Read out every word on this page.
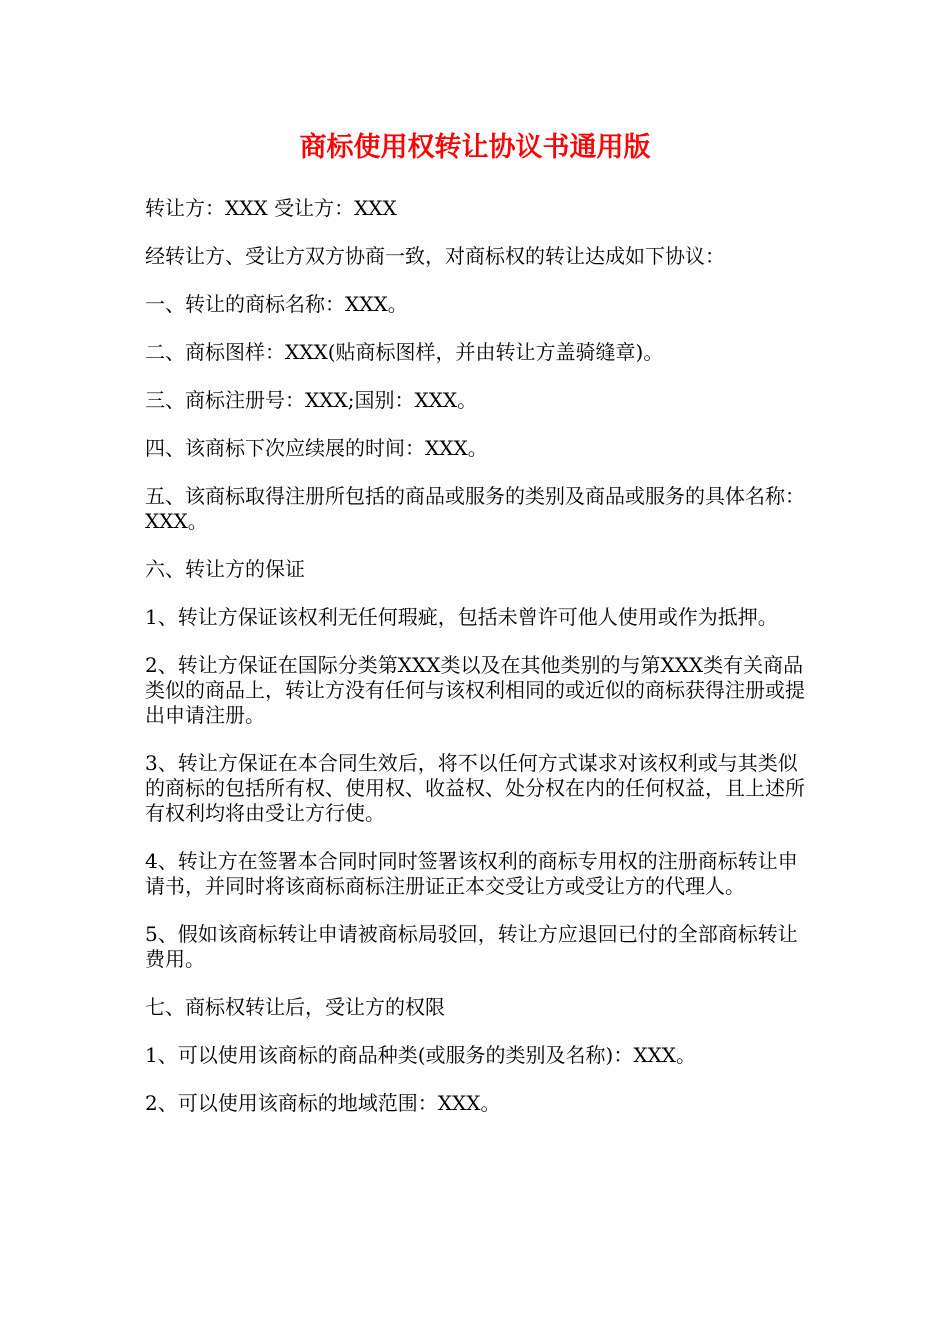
商标使用权转让协议书通用版

转让方：XXX 受让方：XXX

经转让方、受让方双方协商一致，对商标权的转让达成如下协议：

一、转让的商标名称：XXX。

二、商标图样：XXX(贴商标图样，并由转让方盖骑缝章)。

三、商标注册号：XXX;国别：XXX。

四、该商标下次应续展的时间：XXX。

五、该商标取得注册所包括的商品或服务的类别及商品或服务的具体名称：XXX。

六、转让方的保证

1、转让方保证该权利无任何瑕疵，包括未曾许可他人使用或作为抵押。

2、转让方保证在国际分类第XXX类以及在其他类别的与第XXX类有关商品类似的商品上，转让方没有任何与该权利相同的或近似的商标获得注册或提出申请注册。

3、转让方保证在本合同生效后，将不以任何方式谋求对该权利或与其类似的商标的包括所有权、使用权、收益权、处分权在内的任何权益，且上述所有权利均将由受让方行使。

4、转让方在签署本合同时同时签署该权利的商标专用权的注册商标转让申请书，并同时将该商标商标注册证正本交受让方或受让方的代理人。

5、假如该商标转让申请被商标局驳回，转让方应退回已付的全部商标转让费用。

七、商标权转让后，受让方的权限

1、可以使用该商标的商品种类(或服务的类别及名称)：XXX。

2、可以使用该商标的地域范围：XXX。
